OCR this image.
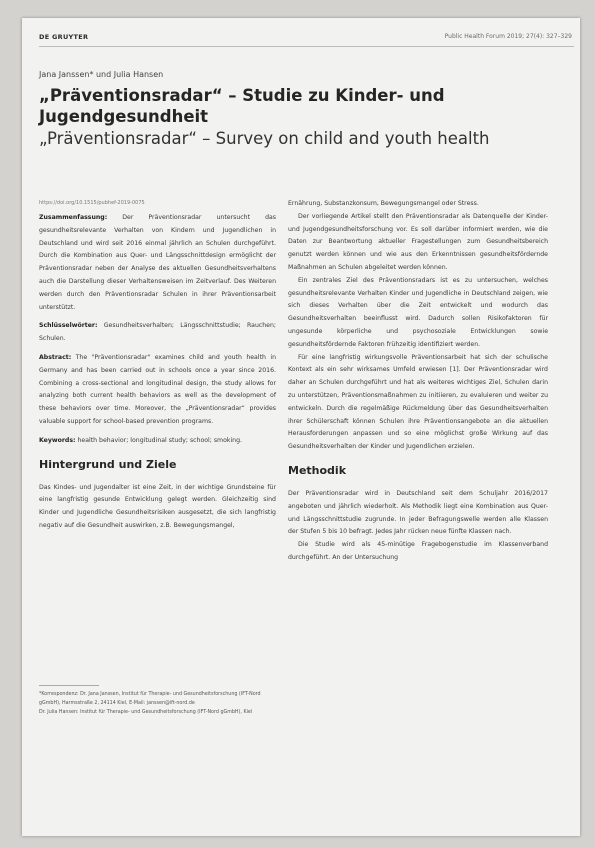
DE GRUYTER	Public Health Forum 2019; 27(4): 327–329
Jana Janssen* und Julia Hansen
„Präventionsradar“ – Studie zu Kinder- und Jugendgesundheit
„Präventionsradar“ – Survey on child and youth health

https://doi.org/10.1515/pubhef-2019-0075

Zusammenfassung: Der Präventionsradar untersucht das gesundheitsrelevante Verhalten von Kindern und Jugendlichen in Deutschland und wird seit 2016 einmal jährlich an Schulen durchgeführt. Durch die Kombination aus Quer- und Längsschnittdesign ermöglicht der Präventionsradar neben der Analyse des aktuellen Gesundheitsverhaltens auch die Darstellung dieser Verhaltensweisen im Zeitverlauf. Des Weiteren werden durch den Präventionsradar Schulen in ihrer Präventionsarbeit unterstützt.

Schlüsselwörter: Gesundheitsverhalten; Längsschnittstudie; Rauchen; Schulen.

Abstract: The "Präventionsradar" examines child and youth health in Germany and has been carried out in schools once a year since 2016. Combining a cross-sectional and longitudinal design, the study allows for analyzing both current health behaviors as well as the development of these behaviors over time. Moreover, the „Präventionsradar“ provides valuable support for school-based prevention programs.

Keywords: health behavior; longitudinal study; school; smoking.

Hintergrund und Ziele

Das Kindes- und Jugendalter ist eine Zeit, in der wichtige Grundsteine für eine langfristig gesunde Entwicklung gelegt werden. Gleichzeitig sind Kinder und Jugendliche Gesundheitsrisiken ausgesetzt, die sich langfristig negativ auf die Gesundheit auswirken, z.B. Bewegungsmangel,

*Korrespondenz: Dr. Jana Janssen, Institut für Therapie- und Gesundheitsforschung (IFT-Nord gGmbH), Harmsstraße 2, 24114 Kiel, E-Mail: janssen@ift-nord.de
Dr. Julia Hansen: Institut für Therapie- und Gesundheitsforschung (IFT-Nord gGmbH), Kiel

Ernährung, Substanzkonsum, Bewegungsmangel oder Stress.

Der vorliegende Artikel stellt den Präventionsradar als Datenquelle der Kinder- und Jugendgesundheitsforschung vor. Es soll darüber informiert werden, wie die Daten zur Beantwortung aktueller Fragestellungen zum Gesundheitsbereich genutzt werden können und wie aus den Erkenntnissen gesundheitsfördernde Maßnahmen an Schulen abgeleitet werden können.

Ein zentrales Ziel des Präventionsradars ist es zu untersuchen, welches gesundheitsrelevante Verhalten Kinder und Jugendliche in Deutschland zeigen, wie sich dieses Verhalten über die Zeit entwickelt und wodurch das Gesundheitsverhalten beeinflusst wird. Dadurch sollen Risikofaktoren für ungesunde körperliche und psychosoziale Entwicklungen sowie gesundheitsfördernde Faktoren frühzeitig identifiziert werden.

Für eine langfristig wirkungsvolle Präventionsarbeit hat sich der schulische Kontext als ein sehr wirksames Umfeld erwiesen [1]. Der Präventionsradar wird daher an Schulen durchgeführt und hat als weiteres wichtiges Ziel, Schulen darin zu unterstützen, Präventionsmaßnahmen zu initiieren, zu evaluieren und weiter zu entwickeln. Durch die regelmäßige Rückmeldung über das Gesundheitsverhalten ihrer Schülerschaft können Schulen ihre Präventionsangebote an die aktuellen Herausforderungen anpassen und so eine möglichst große Wirkung auf das Gesundheitsverhalten der Kinder und Jugendlichen erzielen.

Methodik

Der Präventionsradar wird in Deutschland seit dem Schuljahr 2016/2017 angeboten und jährlich wiederholt. Als Methodik liegt eine Kombination aus Quer- und Längsschnittstudie zugrunde. In jeder Befragungswelle werden alle Klassen der Stufen 5 bis 10 befragt. Jedes Jahr rücken neue fünfte Klassen nach.

Die Studie wird als 45-minütige Fragebogenstudie im Klassenverband durchgeführt. An der Untersuchung
